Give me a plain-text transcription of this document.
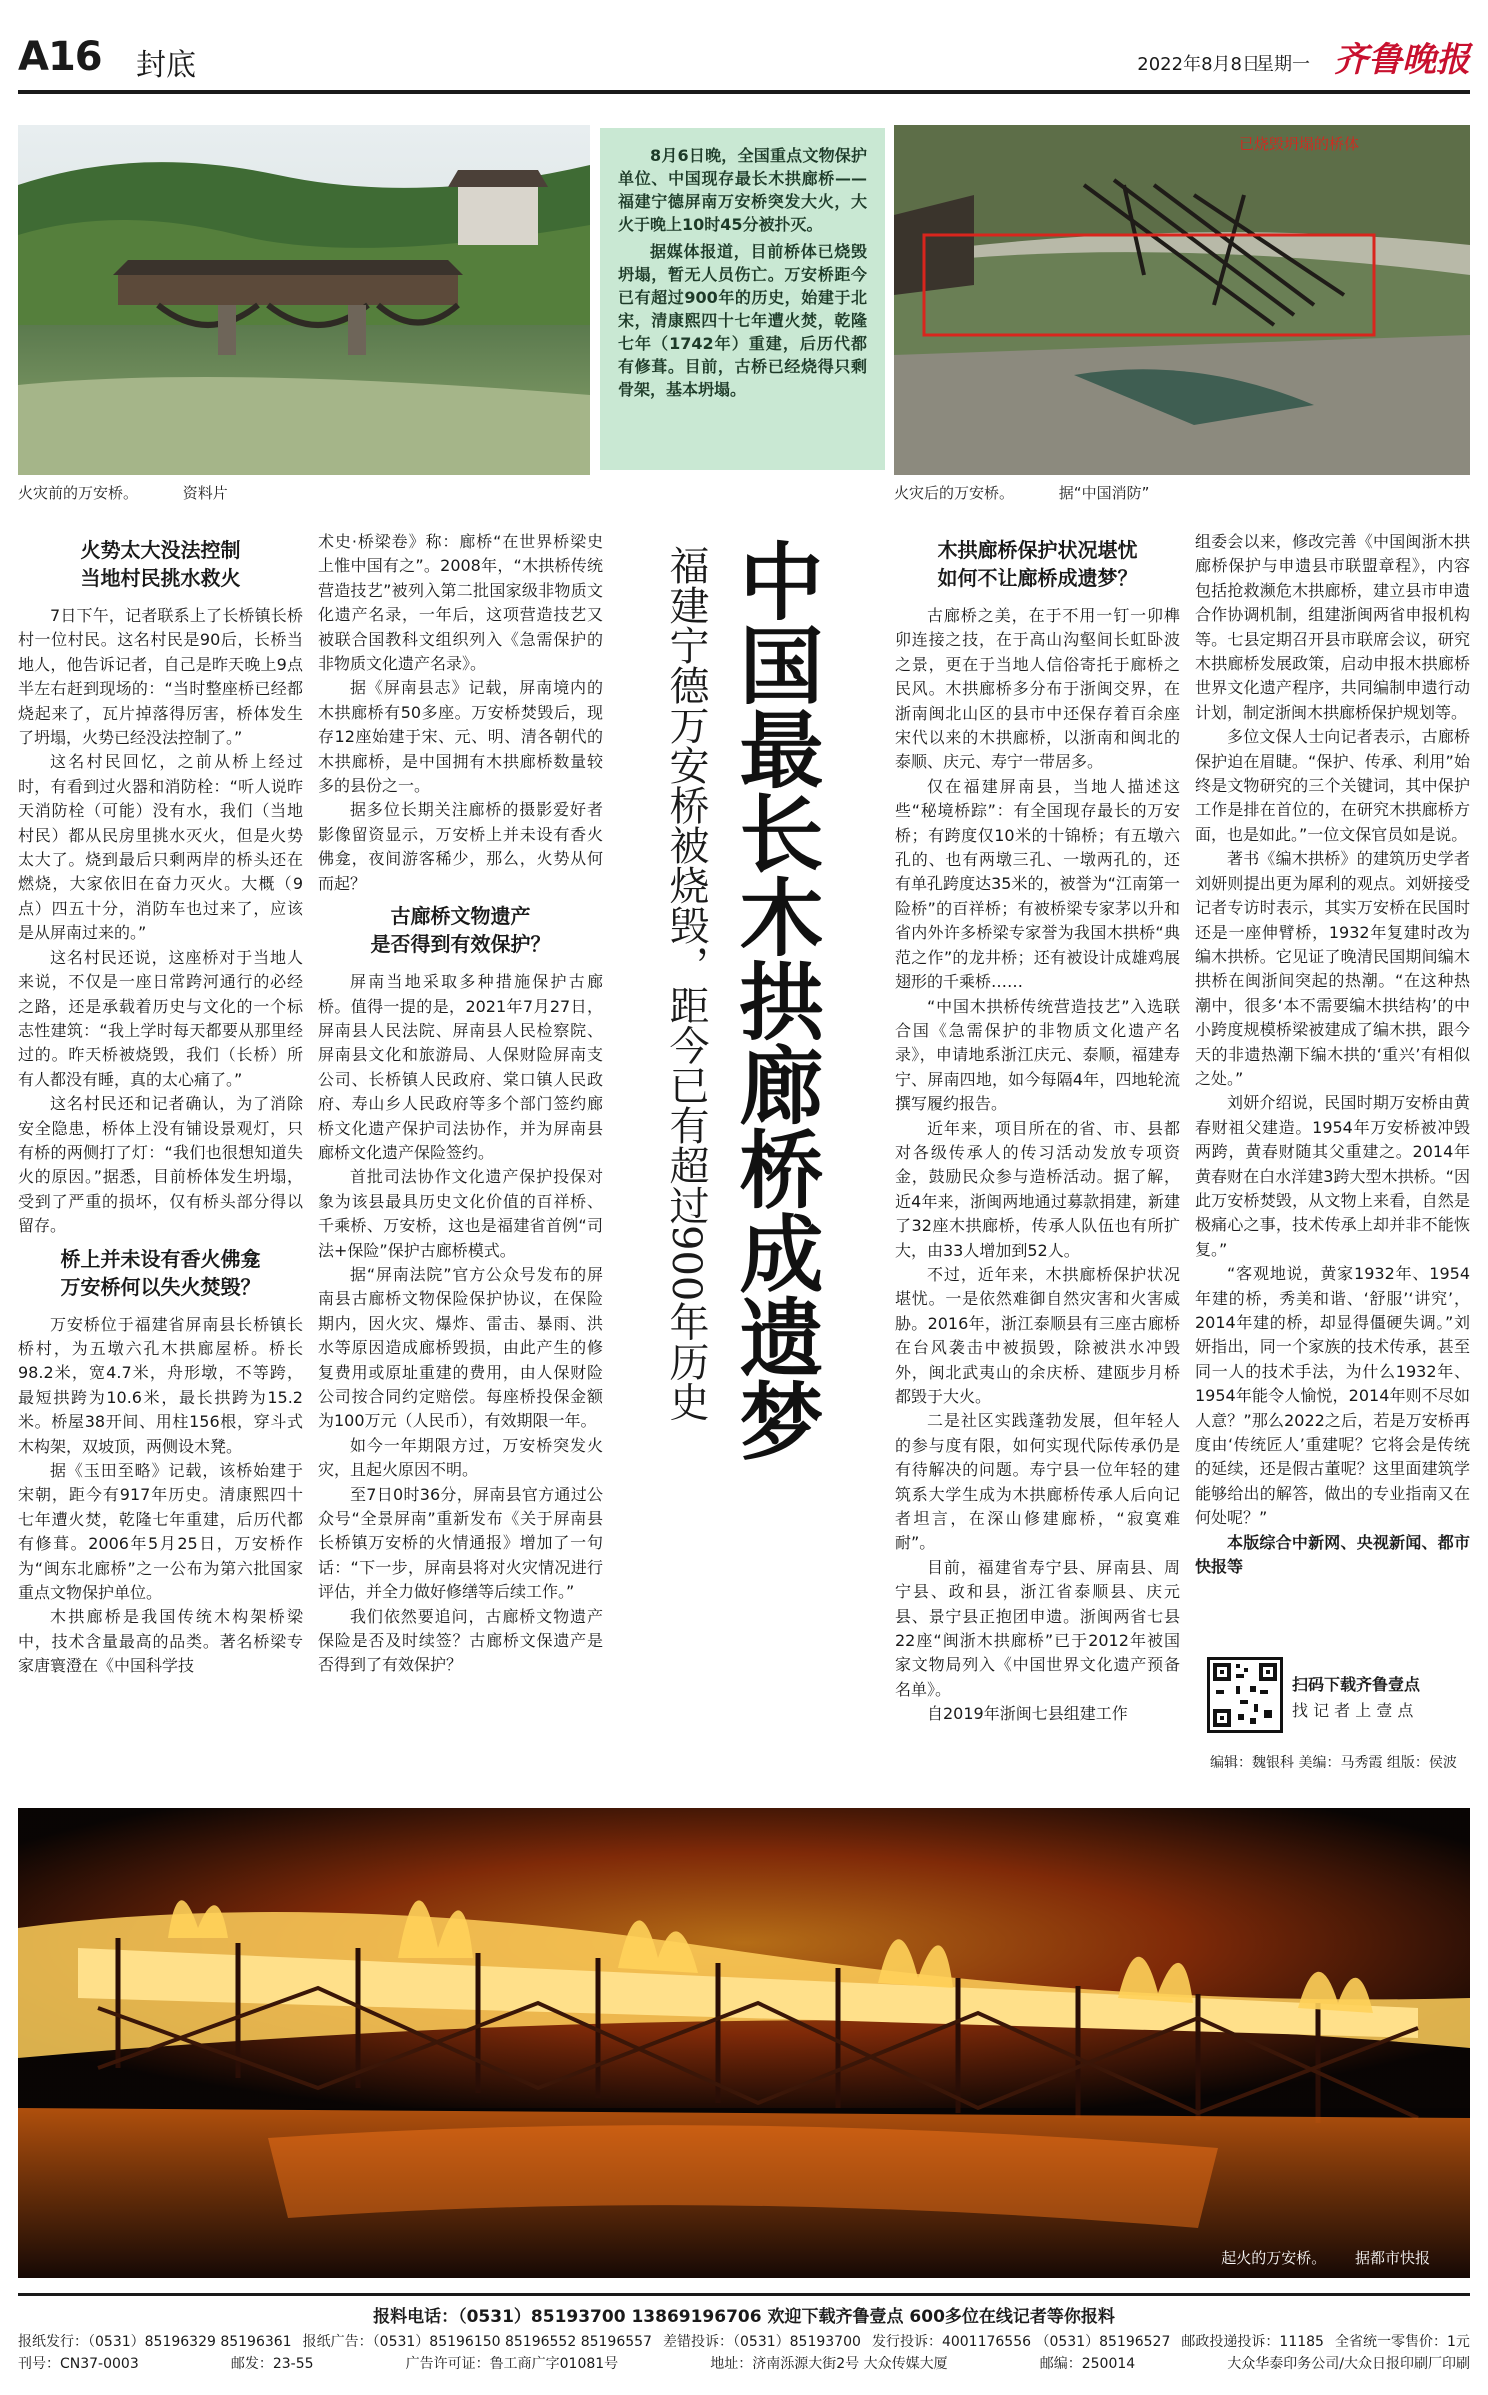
A16 封底	2022年8月8日
星期一 齐鲁晚报
火灾前的万安桥。	资料片

8月6日晚，全国重点文物保护单位、中国现存最长木拱廊桥——福建宁德屏南万安桥突发大火，大火于晚上10时45分被扑灭。

据媒体报道，目前桥体已烧毁坍塌，暂无人员伤亡。万安桥距今已有超过900年的历史，始建于北宋，清康熙四十七年遭火焚，乾隆七年（1742年）重建，后历代都有修葺。目前，古桥已经烧得只剩骨架，基本坍塌。

已烧毁坍塌的桥体
火灾后的万安桥。	据“中国消防”
火势太大没法控制
当地村民挑水救火

7日下午，记者联系上了长桥镇长桥村一位村民。这名村民是90后，长桥当地人，他告诉记者，自己是昨天晚上9点半左右赶到现场的：“当时整座桥已经都烧起来了，瓦片掉落得厉害，桥体发生了坍塌，火势已经没法控制了。”

这名村民回忆，之前从桥上经过时，有看到过火器和消防栓：“听人说昨天消防栓（可能）没有水，我们（当地村民）都从民房里挑水灭火，但是火势太大了。烧到最后只剩两岸的桥头还在燃烧，大家依旧在奋力灭火。大概（9点）四五十分，消防车也过来了，应该是从屏南过来的。”

这名村民还说，这座桥对于当地人来说，不仅是一座日常跨河通行的必经之路，还是承载着历史与文化的一个标志性建筑：“我上学时每天都要从那里经过的。昨天桥被烧毁，我们（长桥）所有人都没有睡，真的太心痛了。”

这名村民还和记者确认，为了消除安全隐患，桥体上没有铺设景观灯，只有桥的两侧打了灯：“我们也很想知道失火的原因。”据悉，目前桥体发生坍塌，受到了严重的损坏，仅有桥头部分得以留存。

桥上并未设有香火佛龛
万安桥何以失火焚毁？

万安桥位于福建省屏南县长桥镇长桥村，为五墩六孔木拱廊屋桥。桥长98.2米，宽4.7米，舟形墩，不等跨，最短拱跨为10.6米，最长拱跨为15.2米。桥屋38开间、用柱156根，穿斗式木构架，双坡顶，两侧设木凳。

据《玉田至略》记载，该桥始建于宋朝，距今有917年历史。清康熙四十七年遭火焚，乾隆七年重建，后历代都有修葺。2006年5月25日，万安桥作为“闽东北廊桥”之一公布为第六批国家重点文物保护单位。

木拱廊桥是我国传统木构架桥梁中，技术含量最高的品类。著名桥梁专家唐寰澄在《中国科学技

术史·桥梁卷》称：廊桥“在世界桥梁史上惟中国有之”。2008年，“木拱桥传统营造技艺”被列入第二批国家级非物质文化遗产名录，一年后，这项营造技艺又被联合国教科文组织列入《急需保护的非物质文化遗产名录》。

据《屏南县志》记载，屏南境内的木拱廊桥有50多座。万安桥焚毁后，现存12座始建于宋、元、明、清各朝代的木拱廊桥，是中国拥有木拱廊桥数量较多的县份之一。

据多位长期关注廊桥的摄影爱好者影像留资显示，万安桥上并未设有香火佛龛，夜间游客稀少，那么，火势从何而起？

古廊桥文物遗产
是否得到有效保护？

屏南当地采取多种措施保护古廊桥。值得一提的是，2021年7月27日，屏南县人民法院、屏南县人民检察院、屏南县文化和旅游局、人保财险屏南支公司、长桥镇人民政府、棠口镇人民政府、寿山乡人民政府等多个部门签约廊桥文化遗产保护司法协作，并为屏南县廊桥文化遗产保险签约。

首批司法协作文化遗产保护投保对象为该县最具历史文化价值的百祥桥、千乘桥、万安桥，这也是福建省首例“司法+保险”保护古廊桥模式。

据“屏南法院”官方公众号发布的屏南县古廊桥文物保险保护协议，在保险期内，因火灾、爆炸、雷击、暴雨、洪水等原因造成廊桥毁损，由此产生的修复费用或原址重建的费用，由人保财险公司按合同约定赔偿。每座桥投保金额为100万元（人民币），有效期限一年。

如今一年期限方过，万安桥突发火灾，且起火原因不明。

至7日0时36分，屏南县官方通过公众号“全景屏南”重新发布《关于屏南县长桥镇万安桥的火情通报》增加了一句话：“下一步，屏南县将对火灾情况进行评估，并全力做好修缮等后续工作。”

我们依然要追问，古廊桥文物遗产保险是否及时续签？古廊桥文保遗产是否得到了有效保护？

中国最长木拱廊桥成遗梦
福建宁德万安桥被烧毁，距今已有超过900年历史	木拱廊桥保护状况堪忧
如何不让廊桥成遗梦？

古廊桥之美，在于不用一钉一卯榫卯连接之技，在于高山沟壑间长虹卧波之景，更在于当地人信俗寄托于廊桥之民风。木拱廊桥多分布于浙闽交界，在浙南闽北山区的县市中还保存着百余座宋代以来的木拱廊桥，以浙南和闽北的泰顺、庆元、寿宁一带居多。

仅在福建屏南县，当地人描述这些“秘境桥踪”：有全国现存最长的万安桥；有跨度仅10米的十锦桥；有五墩六孔的、也有两墩三孔、一墩两孔的，还有单孔跨度达35米的，被誉为“江南第一险桥”的百祥桥；有被桥梁专家茅以升和省内外许多桥梁专家誉为我国木拱桥“典范之作”的龙井桥；还有被设计成雄鸡展翅形的千乘桥……

“中国木拱桥传统营造技艺”入选联合国《急需保护的非物质文化遗产名录》，申请地系浙江庆元、泰顺，福建寿宁、屏南四地，如今每隔4年，四地轮流撰写履约报告。

近年来，项目所在的省、市、县都对各级传承人的传习活动发放专项资金，鼓励民众参与造桥活动。据了解，近4年来，浙闽两地通过募款捐建，新建了32座木拱廊桥，传承人队伍也有所扩大，由33人增加到52人。

不过，近年来，木拱廊桥保护状况堪忧。一是依然难御自然灾害和火害威胁。2016年，浙江泰顺县有三座古廊桥在台风袭击中被损毁，除被洪水冲毁外，闽北武夷山的余庆桥、建瓯步月桥都毁于大火。

二是社区实践蓬勃发展，但年轻人的参与度有限，如何实现代际传承仍是有待解决的问题。寿宁县一位年轻的建筑系大学生成为木拱廊桥传承人后向记者坦言，在深山修建廊桥，“寂寞难耐”。

目前，福建省寿宁县、屏南县、周宁县、政和县，浙江省泰顺县、庆元县、景宁县正抱团申遗。浙闽两省七县22座“闽浙木拱廊桥”已于2012年被国家文物局列入《中国世界文化遗产预备名单》。

自2019年浙闽七县组建工作

组委会以来，修改完善《中国闽浙木拱廊桥保护与申遗县市联盟章程》，内容包括抢救濒危木拱廊桥，建立县市申遗合作协调机制，组建浙闽两省申报机构等。七县定期召开县市联席会议，研究木拱廊桥发展政策，启动申报木拱廊桥世界文化遗产程序，共同编制申遗行动计划，制定浙闽木拱廊桥保护规划等。

多位文保人士向记者表示，古廊桥保护迫在眉睫。“保护、传承、利用”始终是文物研究的三个关键词，其中保护工作是排在首位的，在研究木拱廊桥方面，也是如此。”一位文保官员如是说。

著书《编木拱桥》的建筑历史学者刘妍则提出更为犀利的观点。刘妍接受记者专访时表示，其实万安桥在民国时还是一座伸臂桥，1932年复建时改为编木拱桥。它见证了晚清民国期间编木拱桥在闽浙间突起的热潮。“在这种热潮中，很多‘本不需要编木拱结构’的中小跨度规模桥梁被建成了编木拱，跟今天的非遗热潮下编木拱的‘重兴’有相似之处。”

刘妍介绍说，民国时期万安桥由黄春财祖父建造。1954年万安桥被冲毁两跨，黄春财随其父重建之。2014年黄春财在白水洋建3跨大型木拱桥。“因此万安桥焚毁，从文物上来看，自然是极痛心之事，技术传承上却并非不能恢复。”

“客观地说，黄家1932年、1954年建的桥，秀美和谐、‘舒服’‘讲究’，2014年建的桥，却显得僵硬失调。”刘妍指出，同一个家族的技术传承，甚至同一人的技术手法，为什么1932年、1954年能令人愉悦，2014年则不尽如人意？”那么2022之后，若是万安桥再度由‘传统匠人’重建呢？它将会是传统的延续，还是假古董呢？这里面建筑学能够给出的解答，做出的专业指南又在何处呢？”

本版综合中新网、央视新闻、都市快报等

扫码下载齐鲁壹点
找 记 者 上 壹 点
编辑：魏银科 美编：马秀霞 组版：侯波
起火的万安桥。 据都市快报
报料电话：（0531）85193700 13869196706 欢迎下载齐鲁壹点 600多位在线记者等你报料
报纸发行：（0531）85196329 85196361 报纸广告：（0531）85196150 85196552 85196557 差错投诉：（0531）85193700 发行投诉：4001176556 （0531）85196527 邮政投递投诉：11185 全省统一零售价：1元
刊号：CN37-0003	邮发：23-55	广告许可证：鲁工商广字01081号	地址：济南泺源大街2号 大众传媒大厦	邮编：250014	大众华泰印务公司/大众日报印刷厂印刷
